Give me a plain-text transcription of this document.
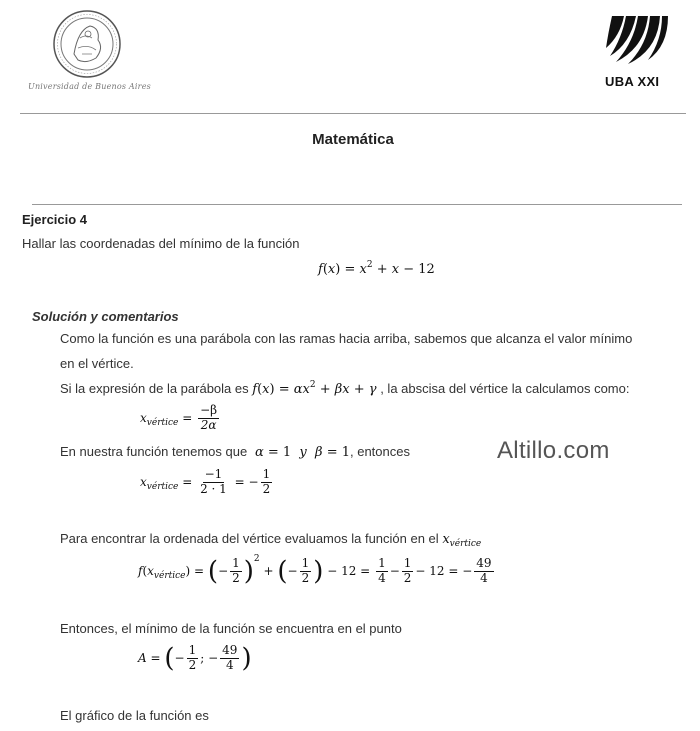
Universidad de Buenos Aires	UBA XXI
Matemática
Ejercicio 4
Hallar las coordenadas del mínimo de la función
$f(x) = x^2 + x - 12$
Solución y comentarios
Como la función es una parábola con las ramas hacia arriba, sabemos que alcanza el valor mínimo
en el vértice.
Si la expresión de la parábola es $f(x) = \alpha x^2 + \beta x + \gamma$ , la abscisa del vértice la calculamos como:
$x_{vértice} = \frac{-\beta}{2\alpha}$
En nuestra función tenemos que  α = 1  y  β = 1, entonces	Altillo.com
$x_{vértice} = \frac{-1}{2 \cdot 1}$ = − $\frac{1}{2}$
Para encontrar la ordenada del vértice evaluamos la función en el $x_{vértice}$
$f(x_{vértice})$ = (− $\frac{1}{2} )^2$ + (− $\frac{1}{2}$ ) − $12 = \frac{1}{4} - \frac{1}{2} - 12$ = − $\frac{49}{4}$
Entonces, el mínimo de la función se encuentra en el punto
A = (− $\frac{1}{2}$ ; − $\frac{49}{4}$ )
El gráfico de la función es
